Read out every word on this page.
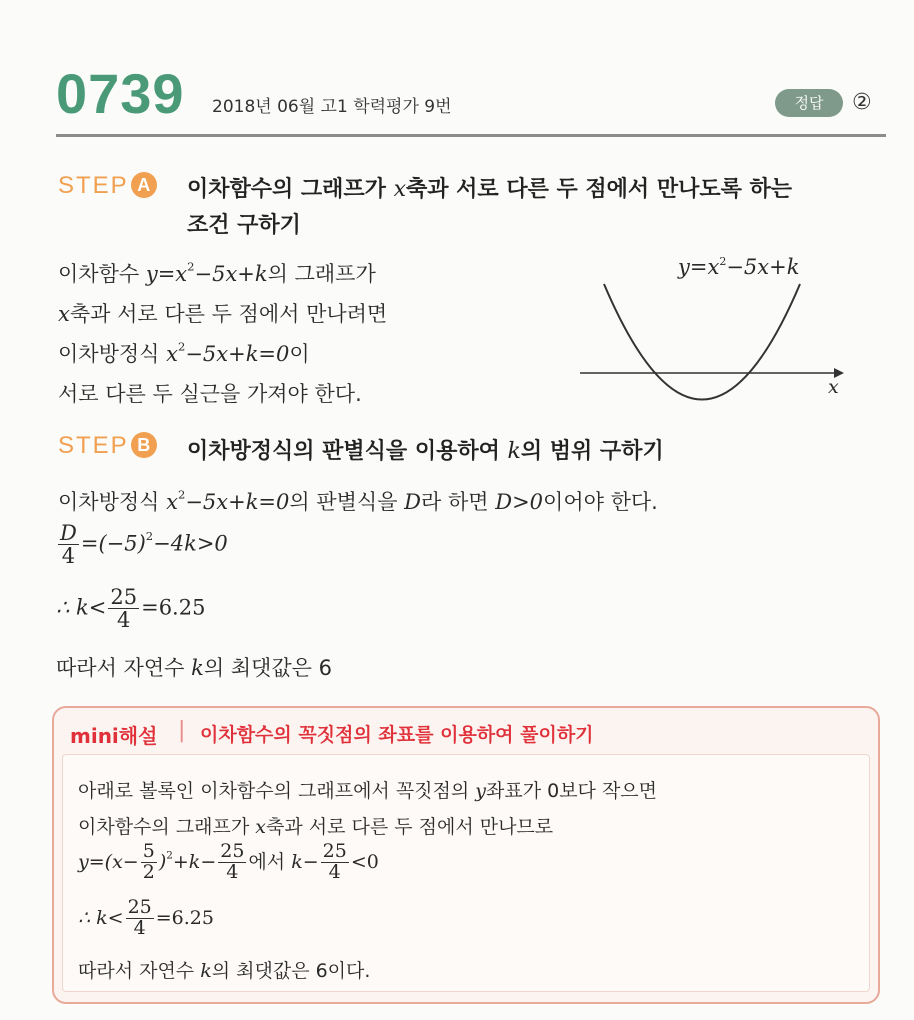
0739 2018년 06월 고1 학력평가 9번	정답	②
STEP A 이차함수의 그래프가 x축과 서로 다른 두 점에서 만나도록 하는
조건 구하기
이차함수 $y=x^2-5x+k$의 그래프가
x축과 서로 다른 두 점에서 만나려면
이차방정식 $x^2-5x+k=0$이
서로 다른 두 실근을 가져야 한다.
$y=x^2-5x+k$
x
STEP B 이차방정식의 판별식을 이용하여 k의 범위 구하기
이차방정식 $x^2-5x+k=0$의 판별식을 D라 하면 D>0이어야 한다.
$\frac{D}{4} =(-5)^2-4k>0$
∴ $k< \frac{25}{4} =6.25$
따라서 자연수 k의 최댓값은 6
mini해설 | 이차함수의 꼭짓점의 좌표를 이용하여 풀이하기
아래로 볼록인 이차함수의 그래프에서 꼭짓점의 y좌표가 0보다 작으면
이차함수의 그래프가 x축과 서로 다른 두 점에서 만나므로
$y=(x- \frac{5}{2} )^2+k- \frac{25}{4}$ 에서 $k- \frac{25}{4} <0$
∴ $k< \frac{25}{4} =6.25$
따라서 자연수 k의 최댓값은 6이다.
